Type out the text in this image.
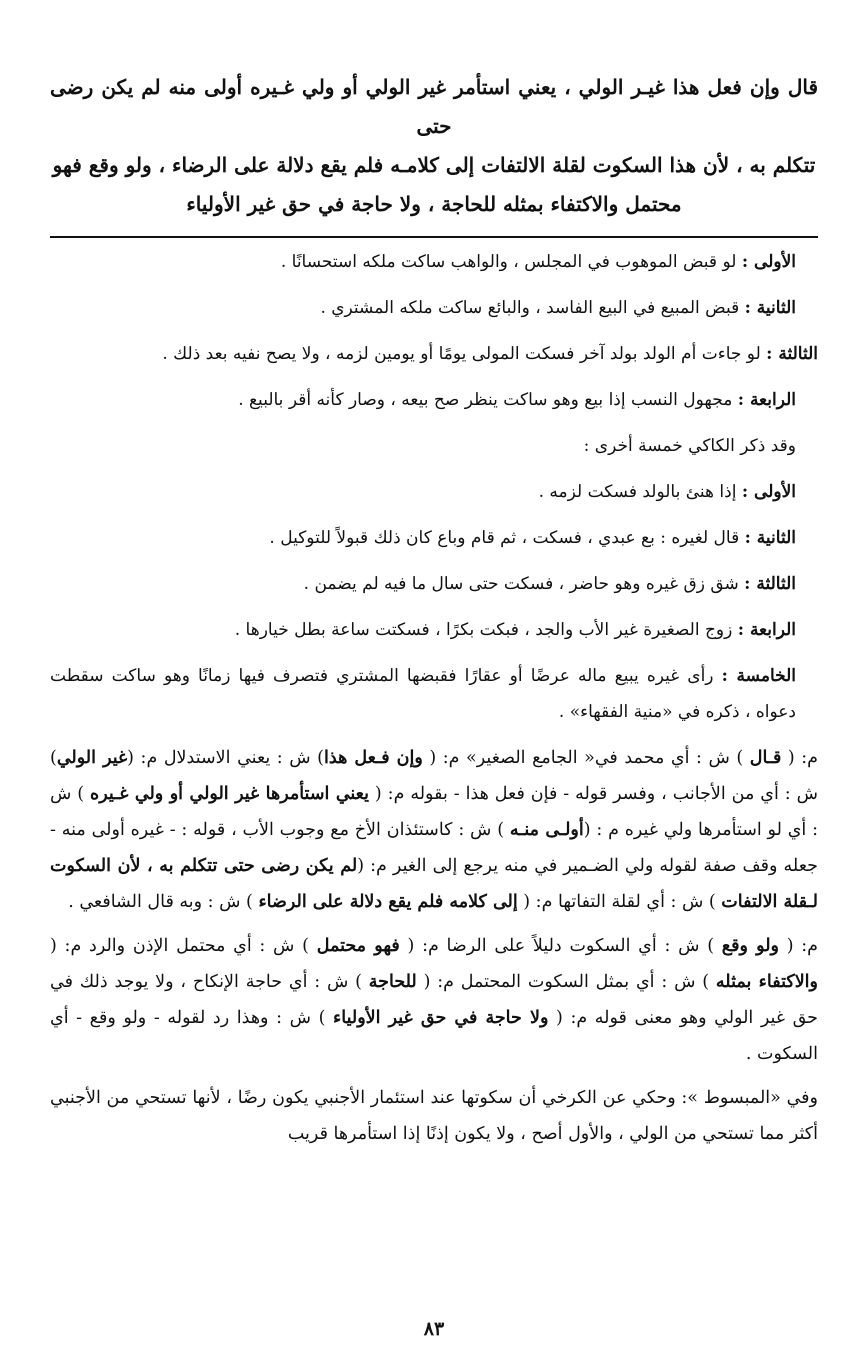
قال وإن فعل هذا غيـر الولي ، يعني استأمر غير الولي أو ولي غـيره أولى منه لم يكن رضى حتى

تتكلم به ، لأن هذا السكوت لقلة الالتفات إلى كلامـه فلم يقع دلالة على الرضاء ، ولو وقع فهو

محتمل والاكتفاء بمثله للحاجة ، ولا حاجة في حق غير الأولياء

الأولى : لو قبض الموهوب في المجلس ، والواهب ساكت ملكه استحسانًا .

الثانية : قبض المبيع في البيع الفاسد ، والبائع ساكت ملكه المشتري .

الثالثة : لو جاءت أم الولد بولد آخر فسكت المولى يومًا أو يومين لزمه ، ولا يصح نفيه بعد ذلك .

الرابعة : مجهول النسب إذا بيع وهو ساكت ينظر صح بيعه ، وصار كأنه أقر بالبيع .

وقد ذكر الكاكي خمسة أخرى :

الأولى : إذا هنئ بالولد فسكت لزمه .

الثانية : قال لغيره : بع عبدي ، فسكت ، ثم قام وباع كان ذلك قبولاً للتوكيل .

الثالثة : شق زق غيره وهو حاضر ، فسكت حتى سال ما فيه لم يضمن .

الرابعة : زوج الصغيرة غير الأب والجد ، فبكت بكرًا ، فسكتت ساعة بطل خيارها .

الخامسة : رأى غيره يبيع ماله عرضًا أو عقارًا فقبضها المشتري فتصرف فيها زمانًا وهو ساكت سقطت دعواه ، ذكره في «منية الفقهاء» .

م: ( قـال ) ش : أي محمد في« الجامع الصغير» م: ( وإن فـعل هذا) ش : يعني الاستدلال م: (غير الولي) ش : أي من الأجانب ، وفسر قوله - فإن فعل هذا - بقوله م: ( يعني استأمرها غير الولي أو ولي غـيره ) ش : أي لو استأمرها ولي غيره م : (أولـى منـه ) ش : كاستئذان الأخ مع وجوب الأب ، قوله : - غيره أولى منه - جعله وقف صفة لقوله ولي الضـمير في منه يرجع إلى الغير م: (لم يكن رضى حتى تتكلم به ، لأن السكوت لـقلة الالتفات ) ش : أي لقلة التفاتها م: ( إلى كلامه فلم يقع دلالة على الرضاء ) ش : وبه قال الشافعي .

م: ( ولو وقع ) ش : أي السكوت دليلاً على الرضا م: ( فهو محتمل ) ش : أي محتمل الإذن والرد م: ( والاكتفاء بمثله ) ش : أي بمثل السكوت المحتمل م: ( للحاجة ) ش : أي حاجة الإنكاح ، ولا يوجد ذلك في حق غير الولي وهو معنى قوله م: ( ولا حاجة في حق غير الأولياء ) ش : وهذا رد لقوله - ولو وقع - أي السكوت .

وفي «المبسوط »: وحكي عن الكرخي أن سكوتها عند استئمار الأجنبي يكون رضًا ، لأنها تستحي من الأجنبي أكثر مما تستحي من الولي ، والأول أصح ، ولا يكون إذنًا إذا استأمرها قريب

٨٣
